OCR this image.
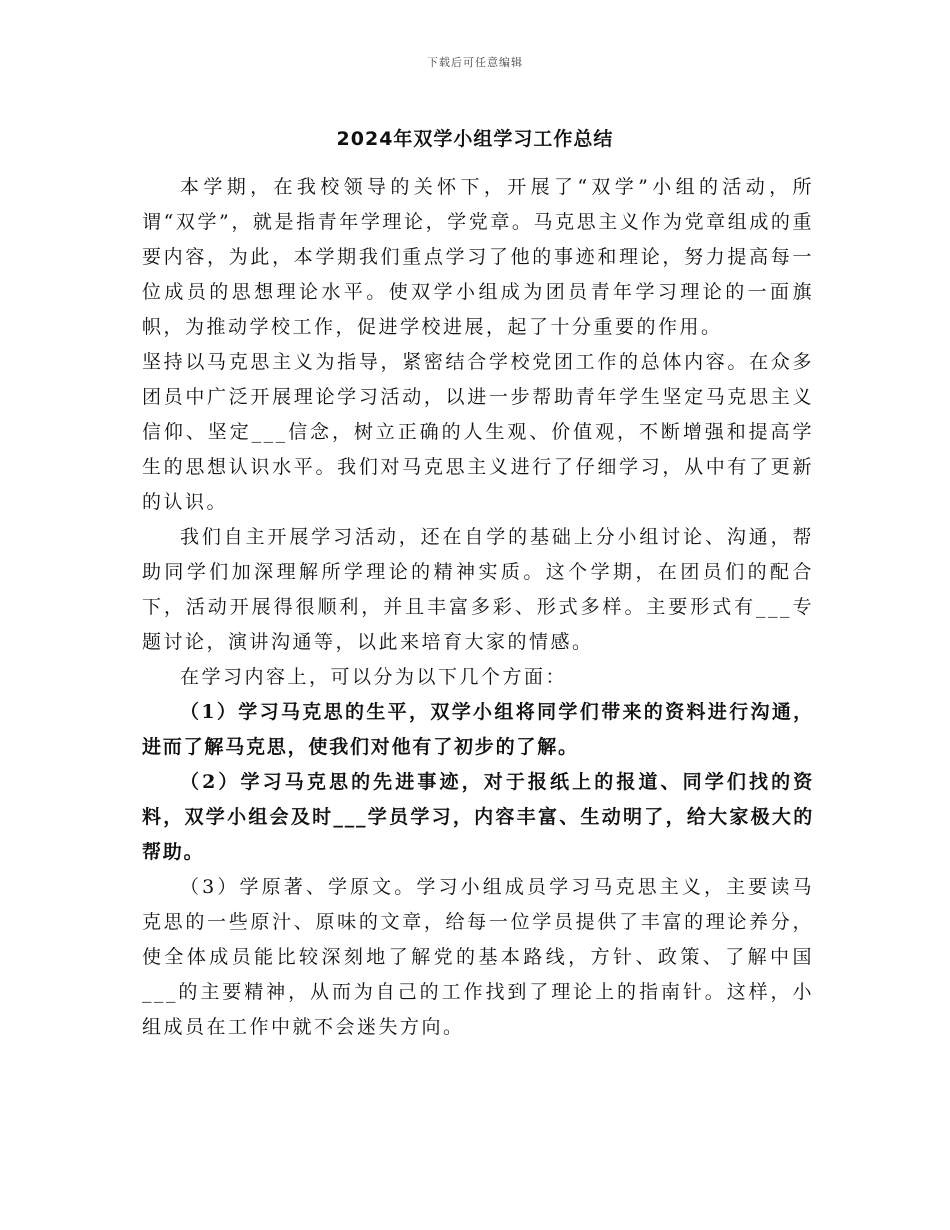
下载后可任意编辑
2024年双学小组学习工作总结

本学期，在我校领导的关怀下，开展了“双学”小组的活动，所谓“双学”，就是指青年学理论，学党章。马克思主义作为党章组成的重要内容，为此，本学期我们重点学习了他的事迹和理论，努力提高每一位成员的思想理论水平。使双学小组成为团员青年学习理论的一面旗帜，为推动学校工作，促进学校进展，起了十分重要的作用。

坚持以马克思主义为指导，紧密结合学校党团工作的总体内容。在众多团员中广泛开展理论学习活动，以进一步帮助青年学生坚定马克思主义信仰、坚定___信念，树立正确的人生观、价值观，不断增强和提高学生的思想认识水平。我们对马克思主义进行了仔细学习，从中有了更新的认识。

我们自主开展学习活动，还在自学的基础上分小组讨论、沟通，帮助同学们加深理解所学理论的精神实质。这个学期，在团员们的配合下，活动开展得很顺利，并且丰富多彩、形式多样。主要形式有___专题讨论，演讲沟通等，以此来培育大家的情感。

在学习内容上，可以分为以下几个方面：

（1）学习马克思的生平，双学小组将同学们带来的资料进行沟通，进而了解马克思，使我们对他有了初步的了解。

（2）学习马克思的先进事迹，对于报纸上的报道、同学们找的资料，双学小组会及时___学员学习，内容丰富、生动明了，给大家极大的帮助。

（3）学原著、学原文。学习小组成员学习马克思主义，主要读马克思的一些原汁、原味的文章，给每一位学员提供了丰富的理论养分，使全体成员能比较深刻地了解党的基本路线，方针、政策、了解中国___的主要精神，从而为自己的工作找到了理论上的指南针。这样，小组成员在工作中就不会迷失方向。
